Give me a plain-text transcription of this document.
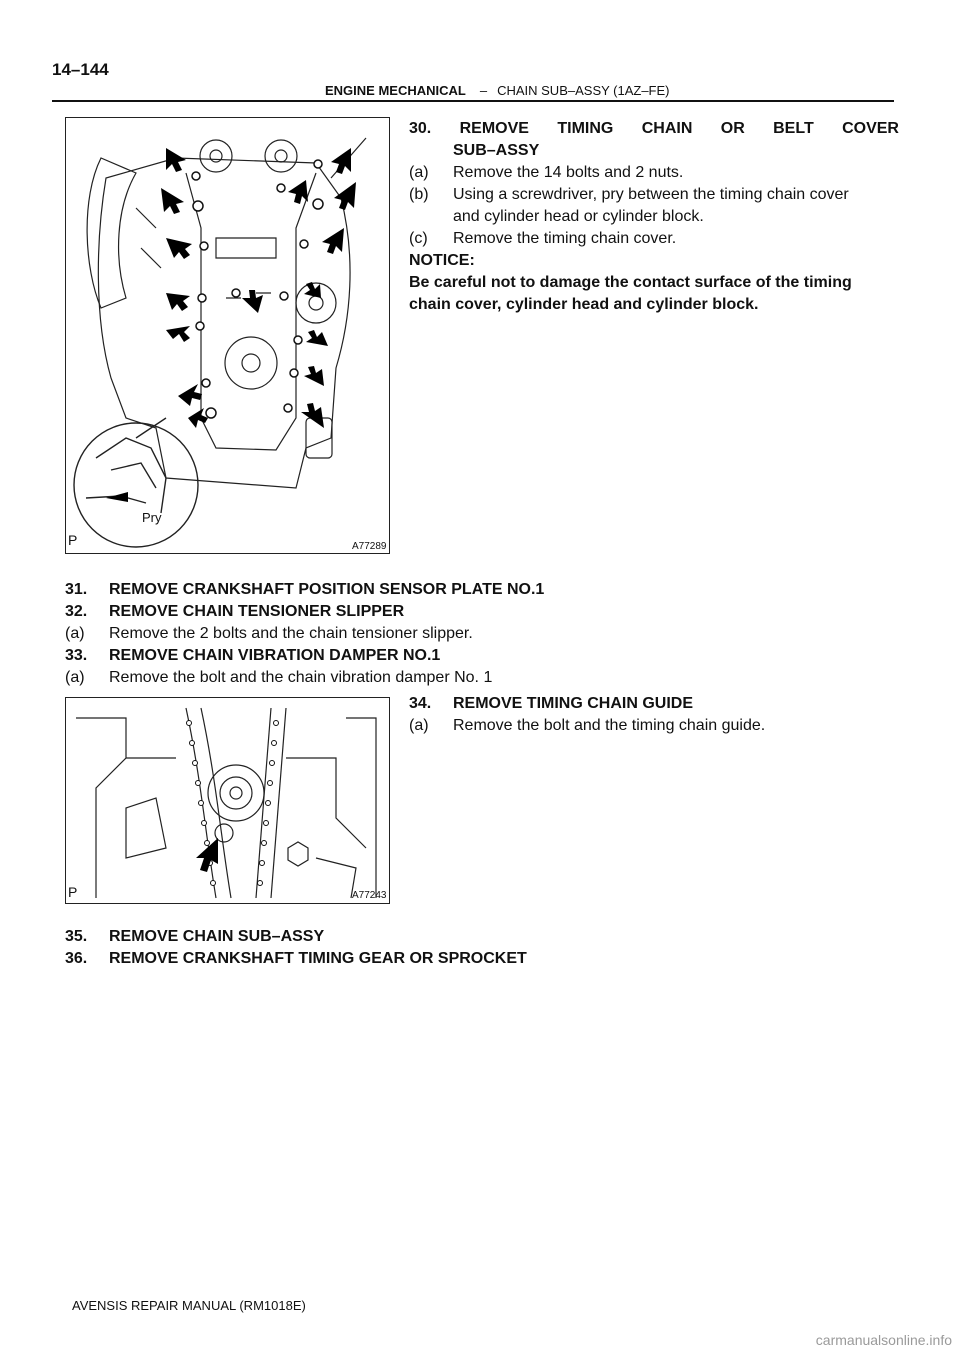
14–144
ENGINE MECHANICAL – CHAIN SUB–ASSY (1AZ–FE)
P	A77289
Pry
30. REMOVE TIMING CHAIN OR BELT COVER
SUB–ASSY
(a) Remove the 14 bolts and 2 nuts.
(b) Using a screwdriver, pry between the timing chain cover
and cylinder head or cylinder block.
(c) Remove the timing chain cover.
NOTICE:
Be careful not to damage the contact surface of the timing
chain cover, cylinder head and cylinder block.
31. REMOVE CRANKSHAFT POSITION SENSOR PLATE NO.1
32. REMOVE CHAIN TENSIONER SLIPPER
(a) Remove the 2 bolts and the chain tensioner slipper.
33. REMOVE CHAIN VIBRATION DAMPER NO.1
(a) Remove the bolt and the chain vibration damper No. 1
34. REMOVE TIMING CHAIN GUIDE
(a) Remove the bolt and the timing chain guide.
P	A77243
35. REMOVE CHAIN SUB–ASSY
36. REMOVE CRANKSHAFT TIMING GEAR OR SPROCKET
AVENSIS REPAIR MANUAL (RM1018E)
carmanualsonline.info
